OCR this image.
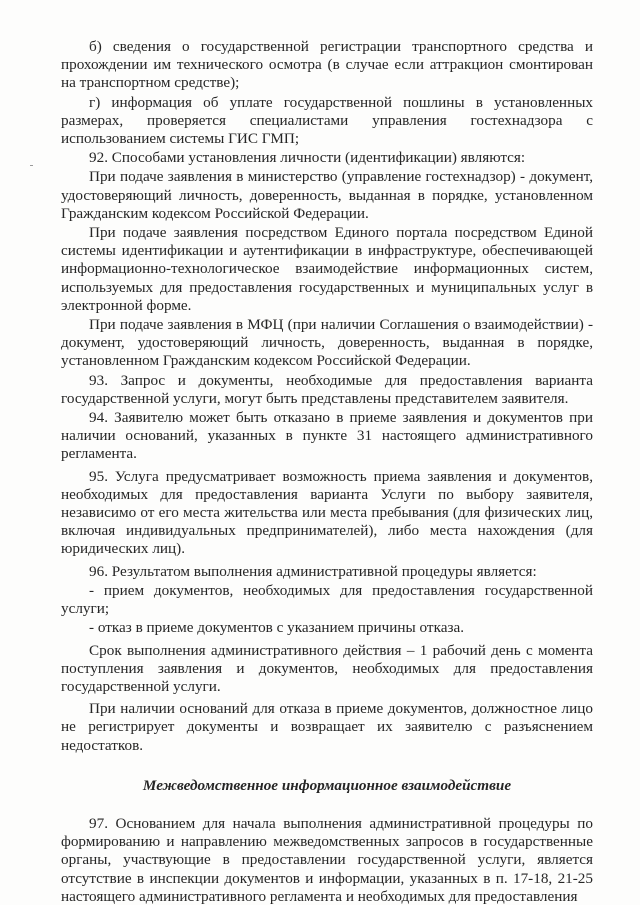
б) сведения о государственной регистрации транспортного средства и прохождении им технического осмотра (в случае если аттракцион смонтирован на транспортном средстве);

г) информация об уплате государственной пошлины в установленных размерах, проверяется специалистами управления гостехнадзора с использованием системы ГИС ГМП;

92. Способами установления личности (идентификации) являются:

При подаче заявления в министерство (управление гостехнадзор) - документ, удостоверяющий личность, доверенность, выданная в порядке, установленном Гражданским кодексом Российской Федерации.

При подаче заявления посредством Единого портала посредством Единой системы идентификации и аутентификации в инфраструктуре, обеспечивающей информационно-технологическое взаимодействие информационных систем, используемых для предоставления государственных и муниципальных услуг в электронной форме.

При подаче заявления в МФЦ (при наличии Соглашения о взаимодействии) - документ, удостоверяющий личность, доверенность, выданная в порядке, установленном Гражданским кодексом Российской Федерации.

93. Запрос и документы, необходимые для предоставления варианта государственной услуги, могут быть представлены представителем заявителя.

94. Заявителю может быть отказано в приеме заявления и документов при наличии оснований, указанных в пункте 31 настоящего административного регламента.

95. Услуга предусматривает возможность приема заявления и документов, необходимых для предоставления варианта Услуги по выбору заявителя, независимо от его места жительства или места пребывания (для физических лиц, включая индивидуальных предпринимателей), либо места нахождения (для юридических лиц).

96. Результатом выполнения административной процедуры является:

- прием документов, необходимых для предоставления государственной услуги;

- отказ в приеме документов с указанием причины отказа.

Срок выполнения административного действия – 1 рабочий день с момента поступления заявления и документов, необходимых для предоставления государственной услуги.

При наличии оснований для отказа в приеме документов, должностное лицо не регистрирует документы и возвращает их заявителю с разъяснением недостатков.

Межведомственное информационное взаимодействие

97. Основанием для начала выполнения административной процедуры по формированию и направлению межведомственных запросов в государственные органы, участвующие в предоставлении государственной услуги, является отсутствие в инспекции документов и информации, указанных в п. 17-18, 21-25 настоящего административного регламента и необходимых для предоставления
